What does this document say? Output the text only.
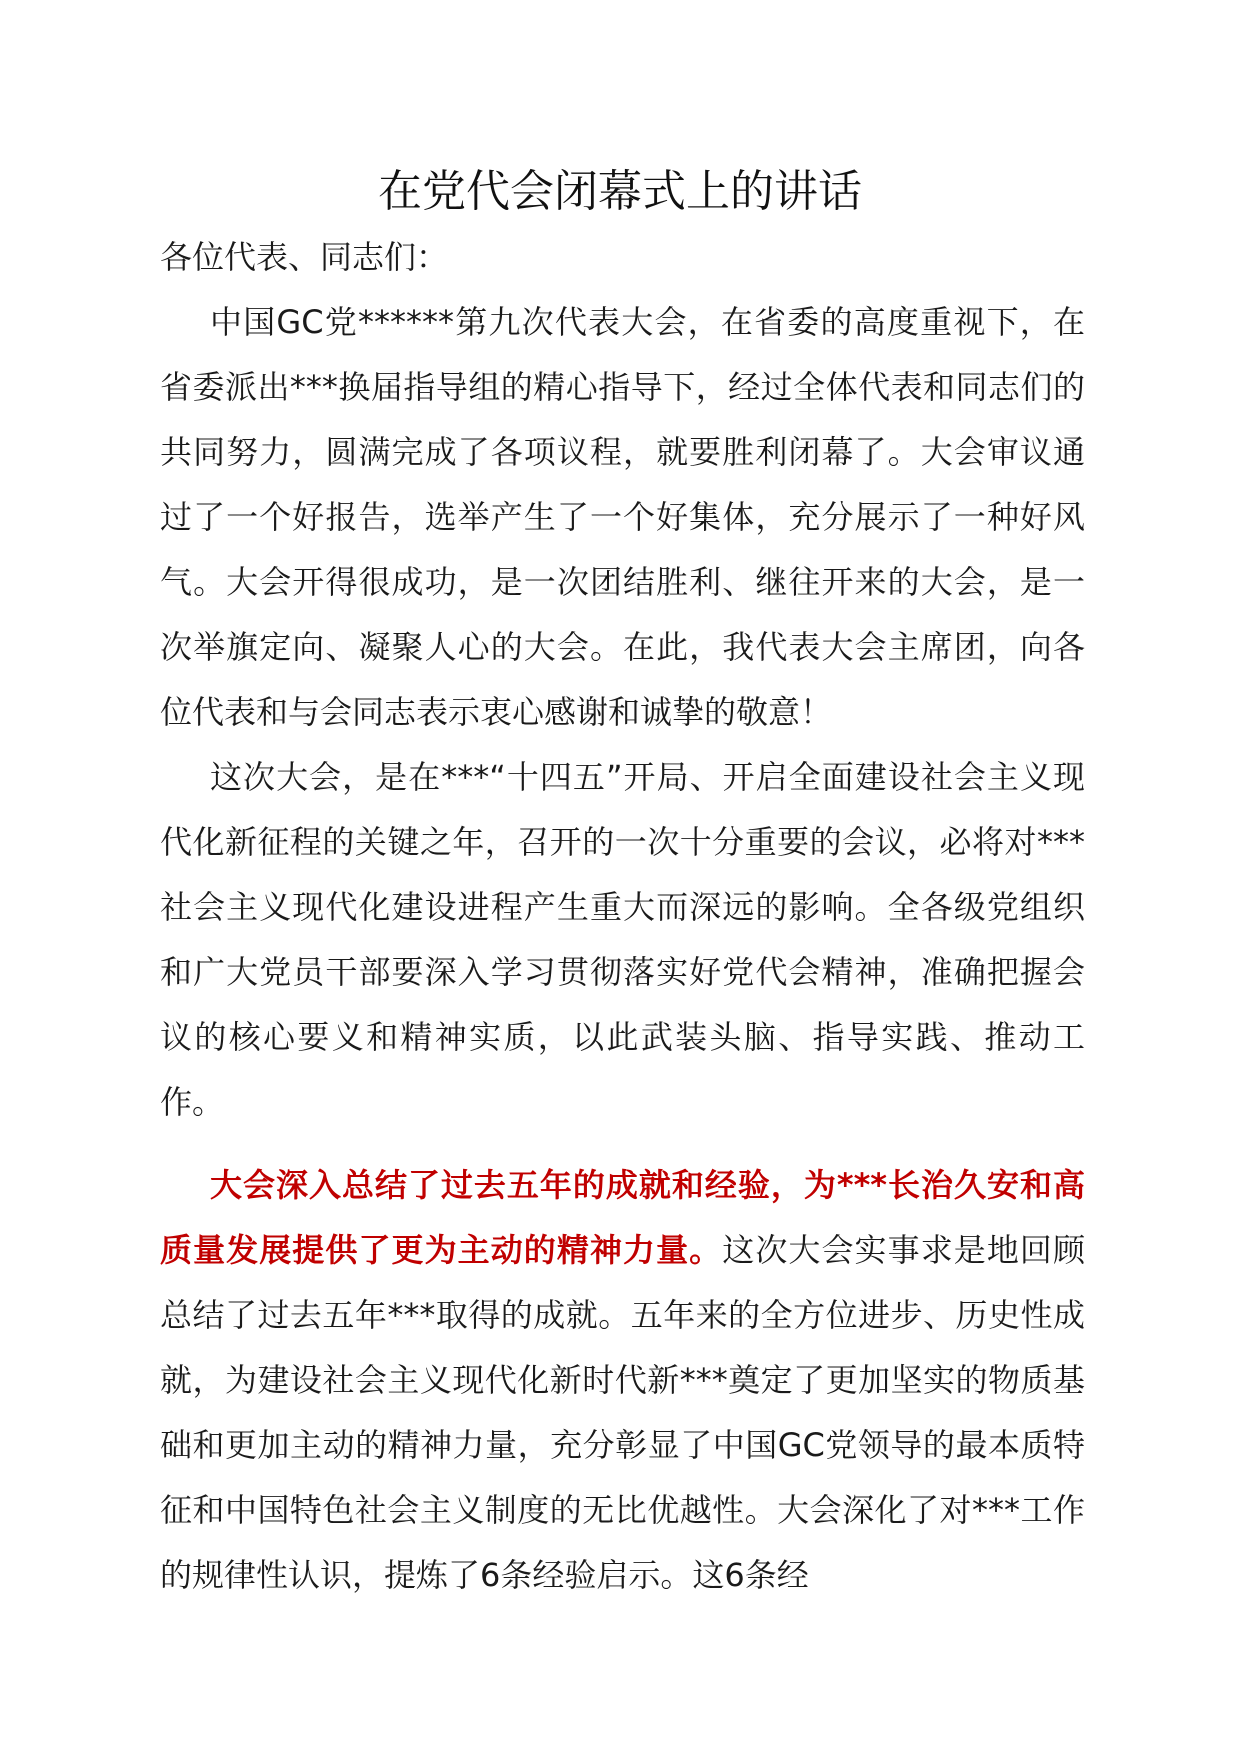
在党代会闭幕式上的讲话

各位代表、同志们：

中国GC党******第九次代表大会，在省委的高度重视下，在省委派出***换届指导组的精心指导下，经过全体代表和同志们的共同努力，圆满完成了各项议程，就要胜利闭幕了。大会审议通过了一个好报告，选举产生了一个好集体，充分展示了一种好风气。大会开得很成功，是一次团结胜利、继往开来的大会，是一次举旗定向、凝聚人心的大会。在此，我代表大会主席团，向各位代表和与会同志表示衷心感谢和诚挚的敬意！

这次大会，是在***“十四五”开局、开启全面建设社会主义现代化新征程的关键之年，召开的一次十分重要的会议，必将对***社会主义现代化建设进程产生重大而深远的影响。全各级党组织和广大党员干部要深入学习贯彻落实好党代会精神，准确把握会议的核心要义和精神实质，以此武装头脑、指导实践、推动工作。

大会深入总结了过去五年的成就和经验，为***长治久安和高质量发展提供了更为主动的精神力量。这次大会实事求是地回顾总结了过去五年***取得的成就。五年来的全方位进步、历史性成就，为建设社会主义现代化新时代新***奠定了更加坚实的物质基础和更加主动的精神力量，充分彰显了中国GC党领导的最本质特征和中国特色社会主义制度的无比优越性。大会深化了对***工作的规律性认识，提炼了6条经验启示。这6条经
